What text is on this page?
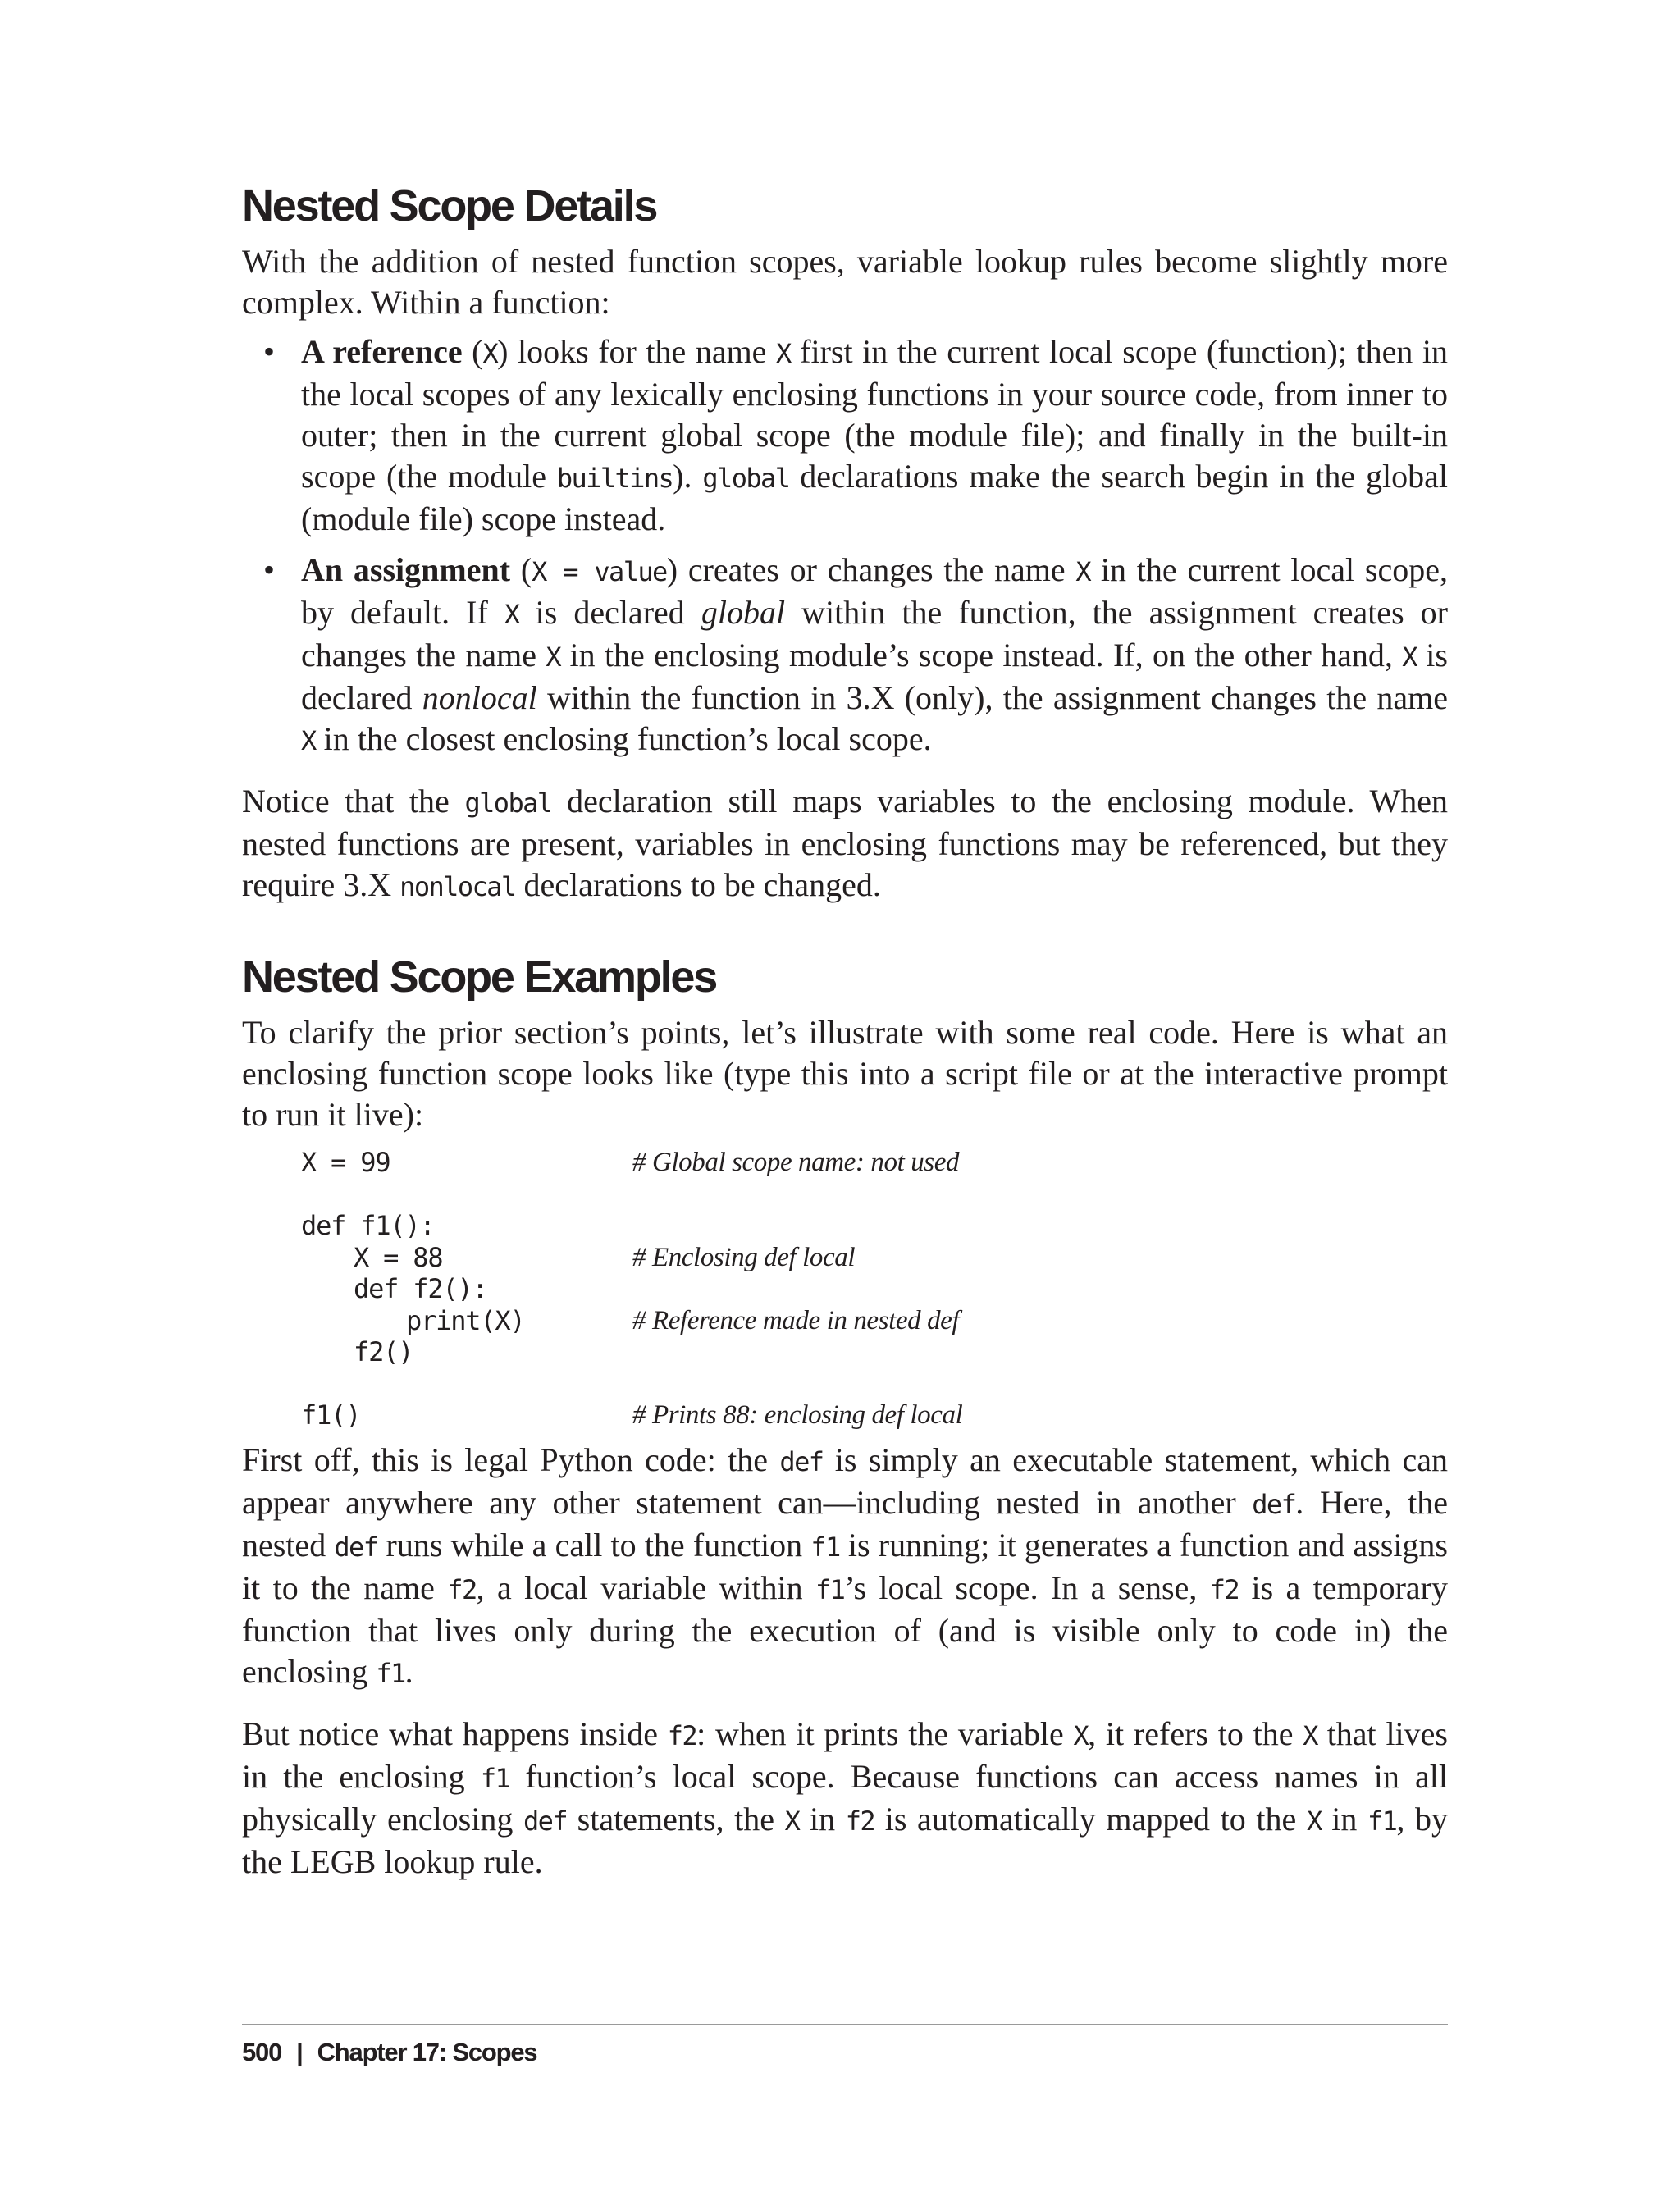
Nested Scope Details

With the addition of nested function scopes, variable lookup rules become slightly more complex. Within a function:

• A reference (X) looks for the name X first in the current local scope (function); then in the local scopes of any lexically enclosing functions in your source code, from inner to outer; then in the current global scope (the module file); and finally in the built-in scope (the module builtins). global declarations make the search begin in the global (module file) scope instead.
• An assignment (X = value) creates or changes the name X in the current local scope, by default. If X is declared global within the function, the assignment creates or changes the name X in the enclosing module’s scope instead. If, on the other hand, X is declared nonlocal within the function in 3.X (only), the assignment changes the name X in the closest enclosing function’s local scope.

Notice that the global declaration still maps variables to the enclosing module. When nested functions are present, variables in enclosing functions may be referenced, but they require 3.X nonlocal declarations to be changed.

Nested Scope Examples

To clarify the prior section’s points, let’s illustrate with some real code. Here is what an enclosing function scope looks like (type this into a script file or at the interactive prompt to run it live):

X = 99	# Global scope name: not used
def f1():
X = 88	# Enclosing def local
def f2():
print(X)	# Reference made in nested def
f2()
f1()	# Prints 88: enclosing def local

First off, this is legal Python code: the def is simply an executable statement, which can appear anywhere any other statement can—including nested in another def. Here, the nested def runs while a call to the function f1 is running; it generates a function and assigns it to the name f2, a local variable within f1’s local scope. In a sense, f2 is a temporary function that lives only during the execution of (and is visible only to code in) the enclosing f1.

But notice what happens inside f2: when it prints the variable X, it refers to the X that lives in the enclosing f1 function’s local scope. Because functions can access names in all physically enclosing def statements, the X in f2 is automatically mapped to the X in f1, by the LEGB lookup rule.

500 | Chapter 17: Scopes
